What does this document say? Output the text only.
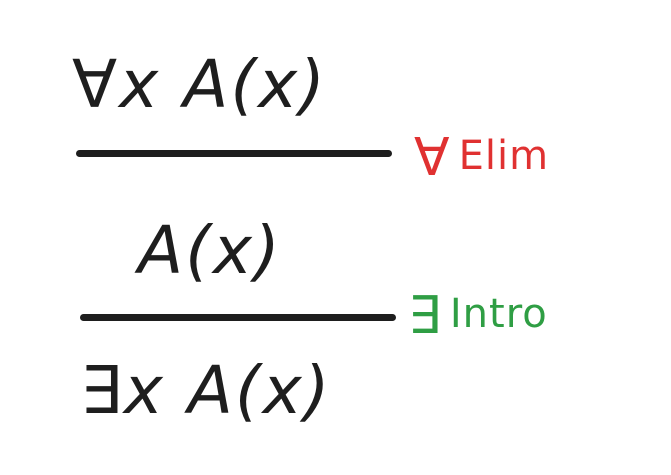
∀x A(x)
∀ Elim
A(x)
∃ Intro
∃x A(x)
